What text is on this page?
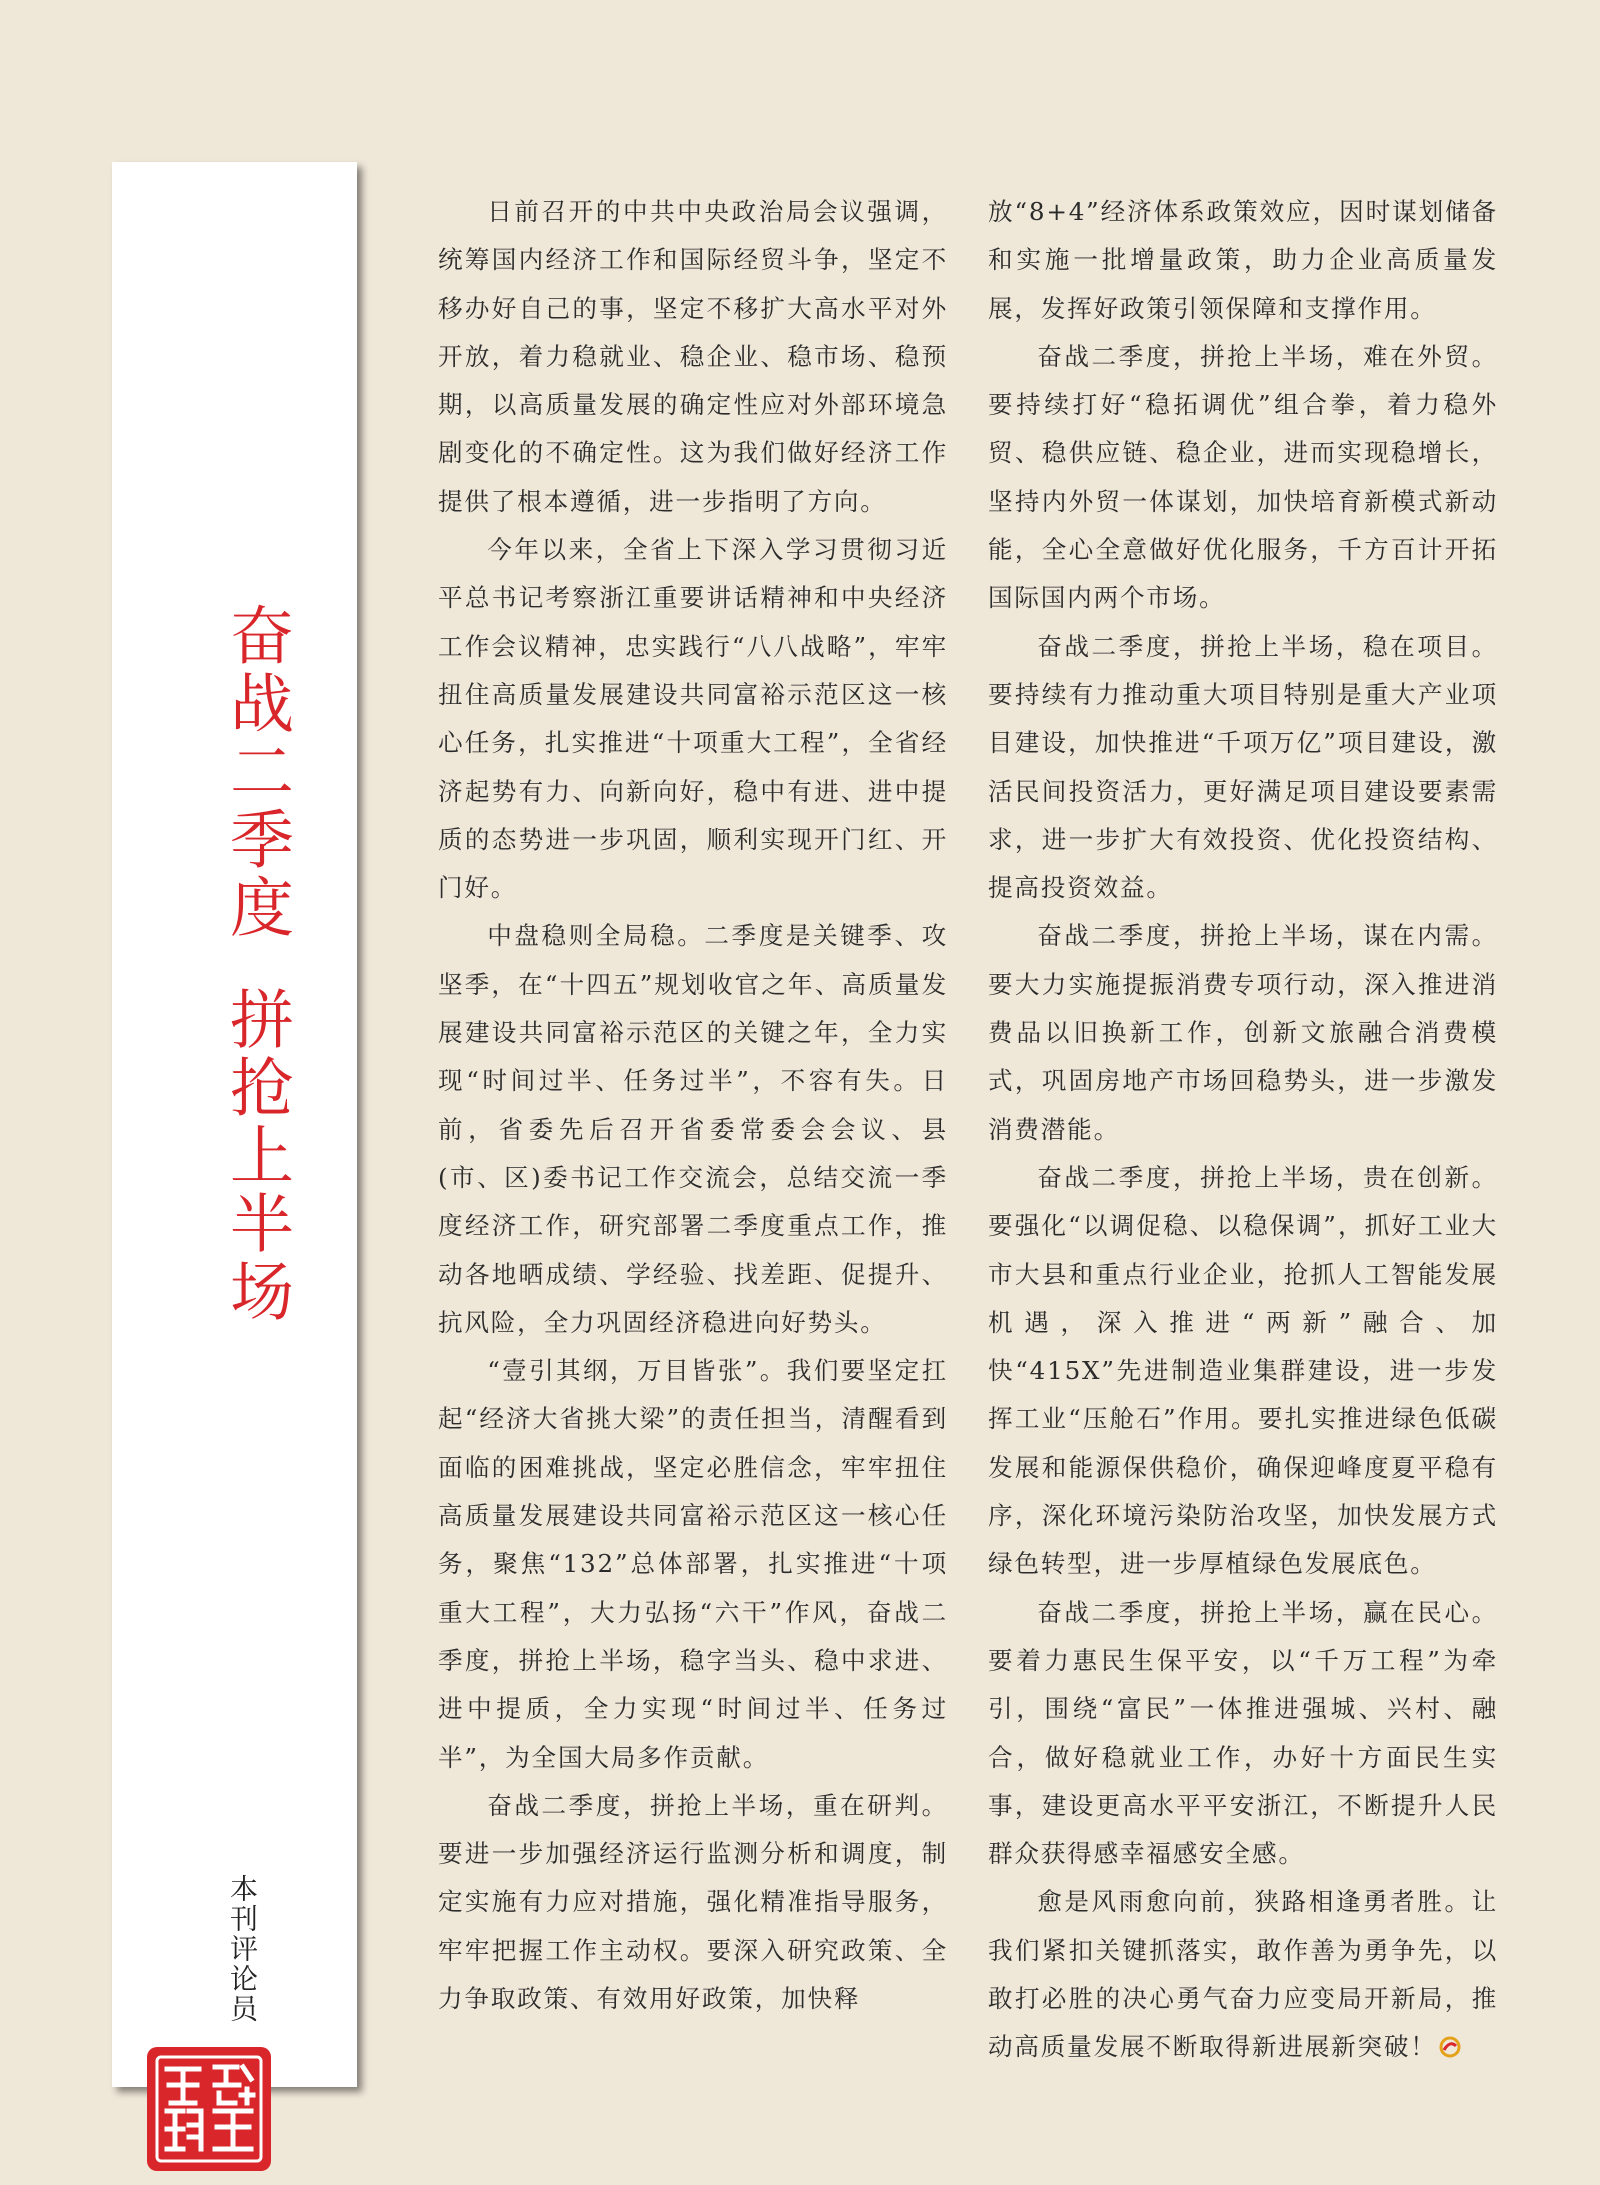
奋战二季度拼抢上半场
本刊评论员

日前召开的中共中央政治局会议强调，统筹国内经济工作和国际经贸斗争，坚定不移办好自己的事，坚定不移扩大高水平对外开放，着力稳就业、稳企业、稳市场、稳预期，以高质量发展的确定性应对外部环境急剧变化的不确定性。这为我们做好经济工作提供了根本遵循，进一步指明了方向。

今年以来，全省上下深入学习贯彻习近平总书记考察浙江重要讲话精神和中央经济工作会议精神，忠实践行“八八战略”，牢牢扭住高质量发展建设共同富裕示范区这一核心任务，扎实推进“十项重大工程”，全省经济起势有力、向新向好，稳中有进、进中提质的态势进一步巩固，顺利实现开门红、开门好。

中盘稳则全局稳。二季度是关键季、攻坚季，在“十四五”规划收官之年、高质量发展建设共同富裕示范区的关键之年，全力实现“时间过半、任务过半”，不容有失。日前，省委先后召开省委常委会会议、县(市、区)委书记工作交流会，总结交流一季度经济工作，研究部署二季度重点工作，推动各地晒成绩、学经验、找差距、促提升、抗风险，全力巩固经济稳进向好势头。

“壹引其纲，万目皆张”。我们要坚定扛起“经济大省挑大梁”的责任担当，清醒看到面临的困难挑战，坚定必胜信念，牢牢扭住高质量发展建设共同富裕示范区这一核心任务，聚焦“132”总体部署，扎实推进“十项重大工程”，大力弘扬“六干”作风，奋战二季度，拼抢上半场，稳字当头、稳中求进、进中提质，全力实现“时间过半、任务过半”，为全国大局多作贡献。

奋战二季度，拼抢上半场，重在研判。要进一步加强经济运行监测分析和调度，制定实施有力应对措施，强化精准指导服务，牢牢把握工作主动权。要深入研究政策、全力争取政策、有效用好政策，加快释

放“8+4”经济体系政策效应，因时谋划储备和实施一批增量政策，助力企业高质量发展，发挥好政策引领保障和支撑作用。

奋战二季度，拼抢上半场，难在外贸。要持续打好“稳拓调优”组合拳，着力稳外贸、稳供应链、稳企业，进而实现稳增长，坚持内外贸一体谋划，加快培育新模式新动能，全心全意做好优化服务，千方百计开拓国际国内两个市场。

奋战二季度，拼抢上半场，稳在项目。要持续有力推动重大项目特别是重大产业项目建设，加快推进“千项万亿”项目建设，激活民间投资活力，更好满足项目建设要素需求，进一步扩大有效投资、优化投资结构、提高投资效益。

奋战二季度，拼抢上半场，谋在内需。要大力实施提振消费专项行动，深入推进消费品以旧换新工作，创新文旅融合消费模式，巩固房地产市场回稳势头，进一步激发消费潜能。

奋战二季度，拼抢上半场，贵在创新。要强化“以调促稳、以稳保调”，抓好工业大市大县和重点行业企业，抢抓人工智能发展机遇，深入推进“两新”融合、加快“415X”先进制造业集群建设，进一步发挥工业“压舱石”作用。要扎实推进绿色低碳发展和能源保供稳价，确保迎峰度夏平稳有序，深化环境污染防治攻坚，加快发展方式绿色转型，进一步厚植绿色发展底色。

奋战二季度，拼抢上半场，赢在民心。要着力惠民生保平安，以“千万工程”为牵引，围绕“富民”一体推进强城、兴村、融合，做好稳就业工作，办好十方面民生实事，建设更高水平平安浙江，不断提升人民群众获得感幸福感安全感。

愈是风雨愈向前，狭路相逢勇者胜。让我们紧扣关键抓落实，敢作善为勇争先，以敢打必胜的决心勇气奋力应变局开新局，推动高质量发展不断取得新进展新突破！
